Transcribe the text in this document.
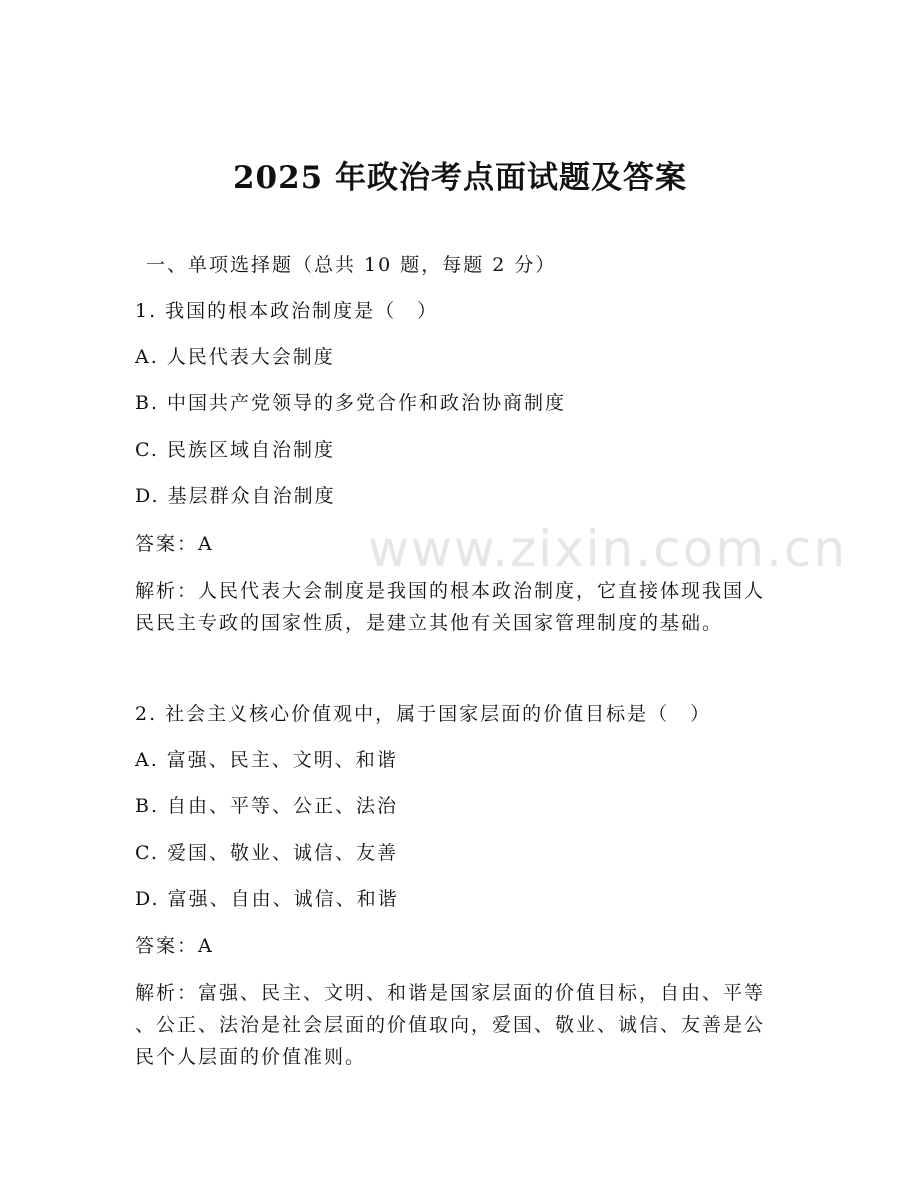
www.zixin.com.cn
2025 年政治考点面试题及答案
一、单项选择题（总共 10 题，每题 2 分）
1. 我国的根本政治制度是（　）
A. 人民代表大会制度
B. 中国共产党领导的多党合作和政治协商制度
C. 民族区域自治制度
D. 基层群众自治制度
答案：A
解析：人民代表大会制度是我国的根本政治制度，它直接体现我国人
民民主专政的国家性质，是建立其他有关国家管理制度的基础。
2. 社会主义核心价值观中，属于国家层面的价值目标是（　）
A. 富强、民主、文明、和谐
B. 自由、平等、公正、法治
C. 爱国、敬业、诚信、友善
D. 富强、自由、诚信、和谐
答案：A
解析：富强、民主、文明、和谐是国家层面的价值目标，自由、平等
、公正、法治是社会层面的价值取向，爱国、敬业、诚信、友善是公
民个人层面的价值准则。
